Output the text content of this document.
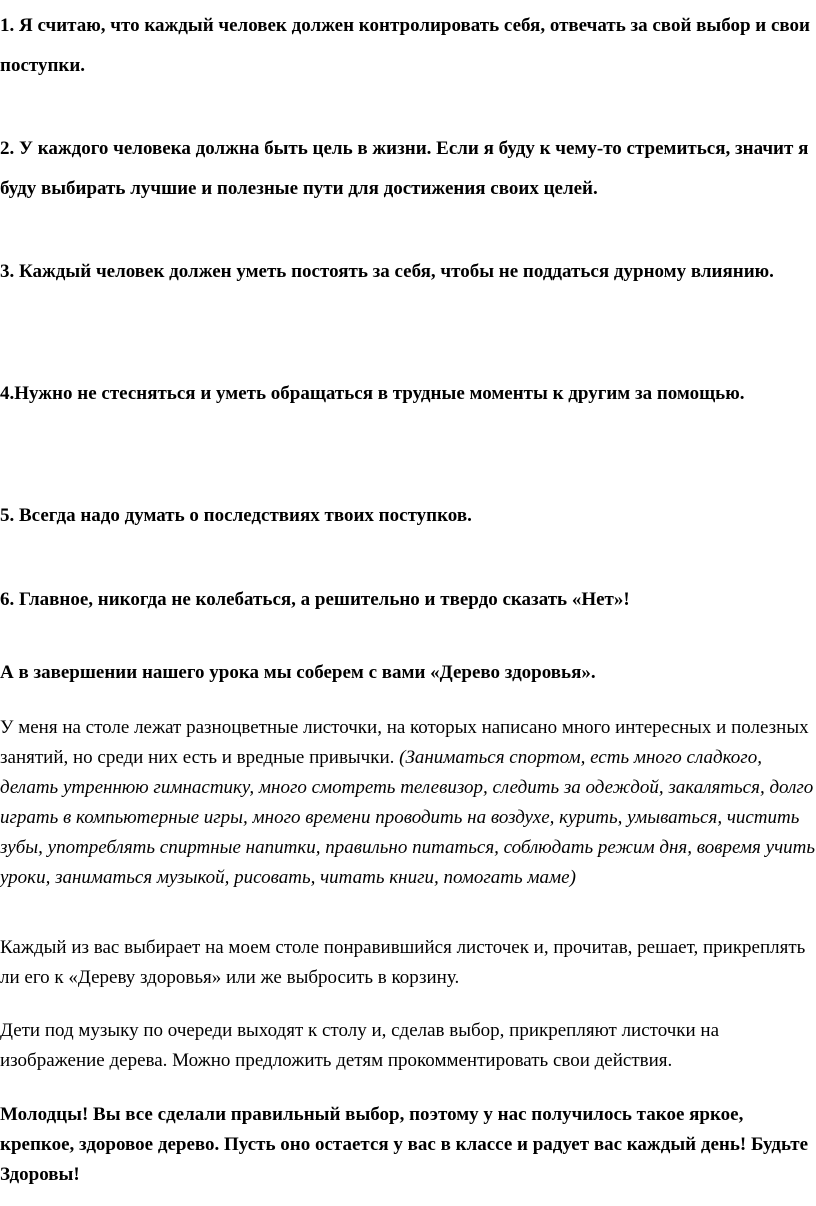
1. Я считаю, что каждый человек должен контролировать себя, отвечать за свой выбор и свои поступки.

2. У каждого человека должна быть цель в жизни. Если я буду к чему-то стремиться, значит я буду выбирать лучшие и полезные пути для достижения своих целей.

3. Каждый человек должен уметь постоять за себя, чтобы не поддаться дурному влиянию.

4.Нужно не стесняться и уметь обращаться в трудные моменты к другим за помощью.

5. Всегда надо думать о последствиях твоих поступков.

6. Главное, никогда не колебаться, а решительно и твердо сказать «Нет»!

А в завершении нашего урока мы соберем с вами «Дерево здоровья».

У меня на столе лежат разноцветные листочки, на которых написано много интересных и полезных занятий, но среди них есть и вредные привычки. (Заниматься спортом, есть много сладкого, делать утреннюю гимнастику, много смотреть телевизор, следить за одеждой, закаляться, долго играть в компьютерные игры, много времени проводить на воздухе, курить, умываться, чистить зубы, употреблять спиртные напитки, правильно питаться, соблюдать режим дня, вовремя учить уроки, заниматься музыкой, рисовать, читать книги, помогать маме)

Каждый из вас выбирает на моем столе понравившийся листочек и, прочитав, решает, прикреплять ли его к «Дереву здоровья» или же выбросить в корзину.

Дети под музыку по очереди выходят к столу и, сделав выбор, прикрепляют листочки на изображение дерева. Можно предложить детям прокомментировать свои действия.

Молодцы! Вы все сделали правильный выбор, поэтому у нас получилось такое яркое, крепкое, здоровое дерево. Пусть оно остается у вас в классе и радует вас каждый день! Будьте Здоровы!
